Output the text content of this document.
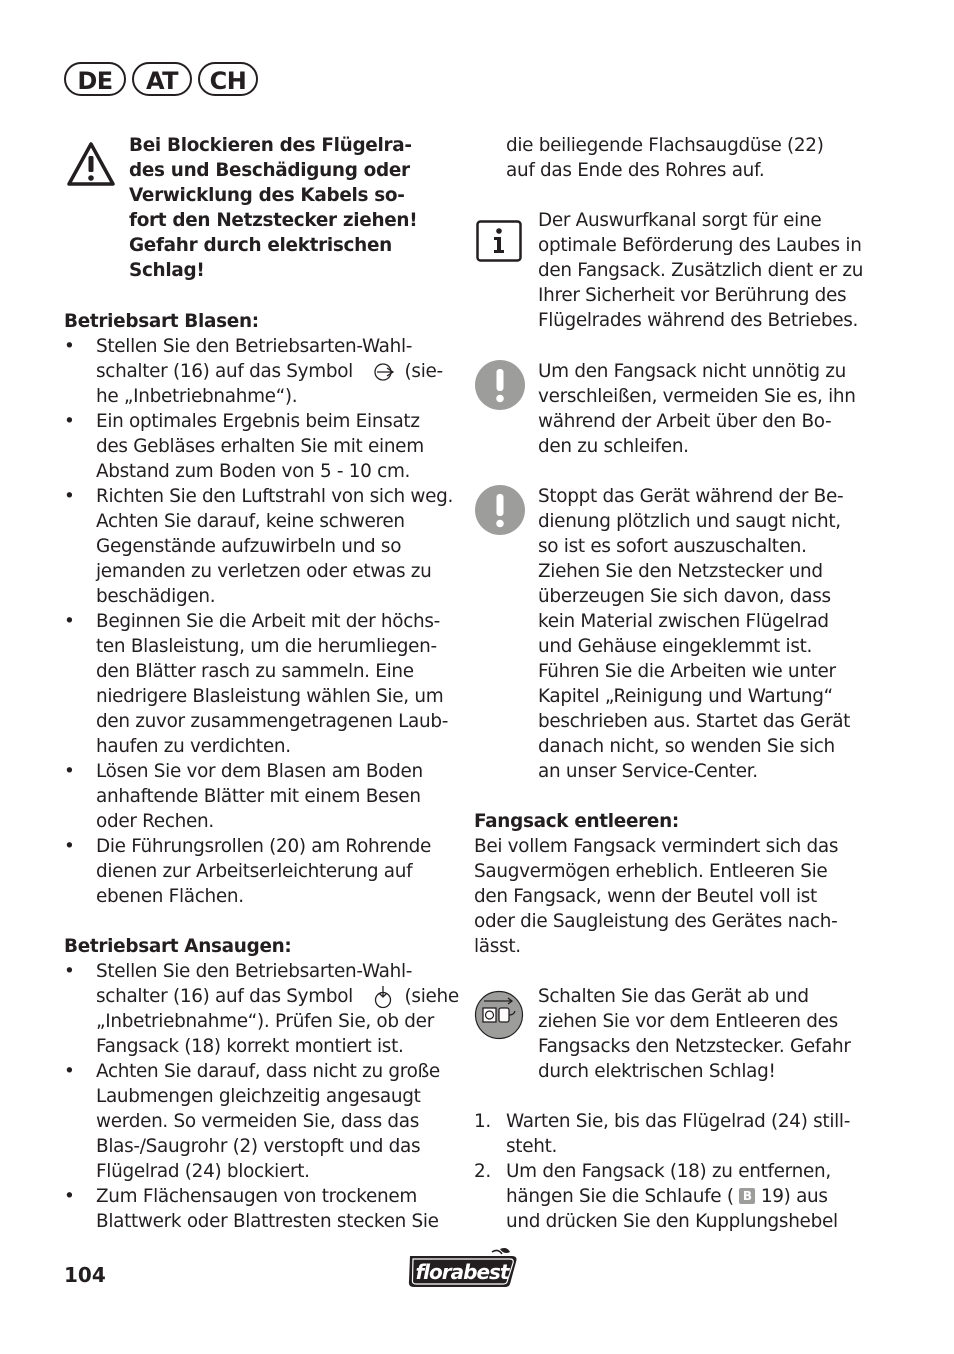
DE	AT	CH
Bei Blockieren des Flügelra-
des und Beschädigung oder
Verwicklung des Kabels so-
fort den Netzstecker ziehen!
Gefahr durch elektrischen
Schlag!
Betriebsart Blasen:
• Stellen Sie den Betriebsarten-Wahl-
schalter (16) auf das Symbol	(sie-
he „Inbetriebnahme“).
• Ein optimales Ergebnis beim Einsatz
des Gebläses erhalten Sie mit einem
Abstand zum Boden von 5 - 10 cm.
• Richten Sie den Luftstrahl von sich weg.
Achten Sie darauf, keine schweren
Gegenstände aufzuwirbeln und so
jemanden zu verletzen oder etwas zu
beschädigen.
• Beginnen Sie die Arbeit mit der höchs-
ten Blasleistung, um die herumliegen-
den Blätter rasch zu sammeln. Eine
niedrigere Blasleistung wählen Sie, um
den zuvor zusammengetragenen Laub-
haufen zu verdichten.
• Lösen Sie vor dem Blasen am Boden
anhaftende Blätter mit einem Besen
oder Rechen.
• Die Führungsrollen (20) am Rohrende
dienen zur Arbeitserleichterung auf
ebenen Flächen.
Betriebsart Ansaugen:
• Stellen Sie den Betriebsarten-Wahl-
schalter (16) auf das Symbol	(siehe
„Inbetriebnahme“). Prüfen Sie, ob der
Fangsack (18) korrekt montiert ist.
• Achten Sie darauf, dass nicht zu große
Laubmengen gleichzeitig angesaugt
werden. So vermeiden Sie, dass das
Blas-/Saugrohr (2) verstopft und das
Flügelrad (24) blockiert.
• Zum Flächensaugen von trockenem
Blattwerk oder Blattresten stecken Sie
die beiliegende Flachsaugdüse (22)
auf das Ende des Rohres auf.
Der Auswurfkanal sorgt für eine
optimale Beförderung des Laubes in
den Fangsack. Zusätzlich dient er zu
Ihrer Sicherheit vor Berührung des
Flügelrades während des Betriebes.
Um den Fangsack nicht unnötig zu
verschleißen, vermeiden Sie es, ihn
während der Arbeit über den Bo-
den zu schleifen.
Stoppt das Gerät während der Be-
dienung plötzlich und saugt nicht,
so ist es sofort auszuschalten.
Ziehen Sie den Netzstecker und
überzeugen Sie sich davon, dass
kein Material zwischen Flügelrad
und Gehäuse eingeklemmt ist.
Führen Sie die Arbeiten wie unter
Kapitel „Reinigung und Wartung“
beschrieben aus. Startet das Gerät
danach nicht, so wenden Sie sich
an unser Service-Center.
Fangsack entleeren:
Bei vollem Fangsack vermindert sich das
Saugvermögen erheblich. Entleeren Sie
den Fangsack, wenn der Beutel voll ist
oder die Saugleistung des Gerätes nach-
lässt.
Schalten Sie das Gerät ab und
ziehen Sie vor dem Entleeren des
Fangsacks den Netzstecker. Gefahr
durch elektrischen Schlag!
1. Warten Sie, bis das Flügelrad (24) still-
steht.
2. Um den Fangsack (18) zu entfernen,
hängen Sie die Schlaufe ( B 19) aus
und drücken Sie den Kupplungshebel
104	florabest
